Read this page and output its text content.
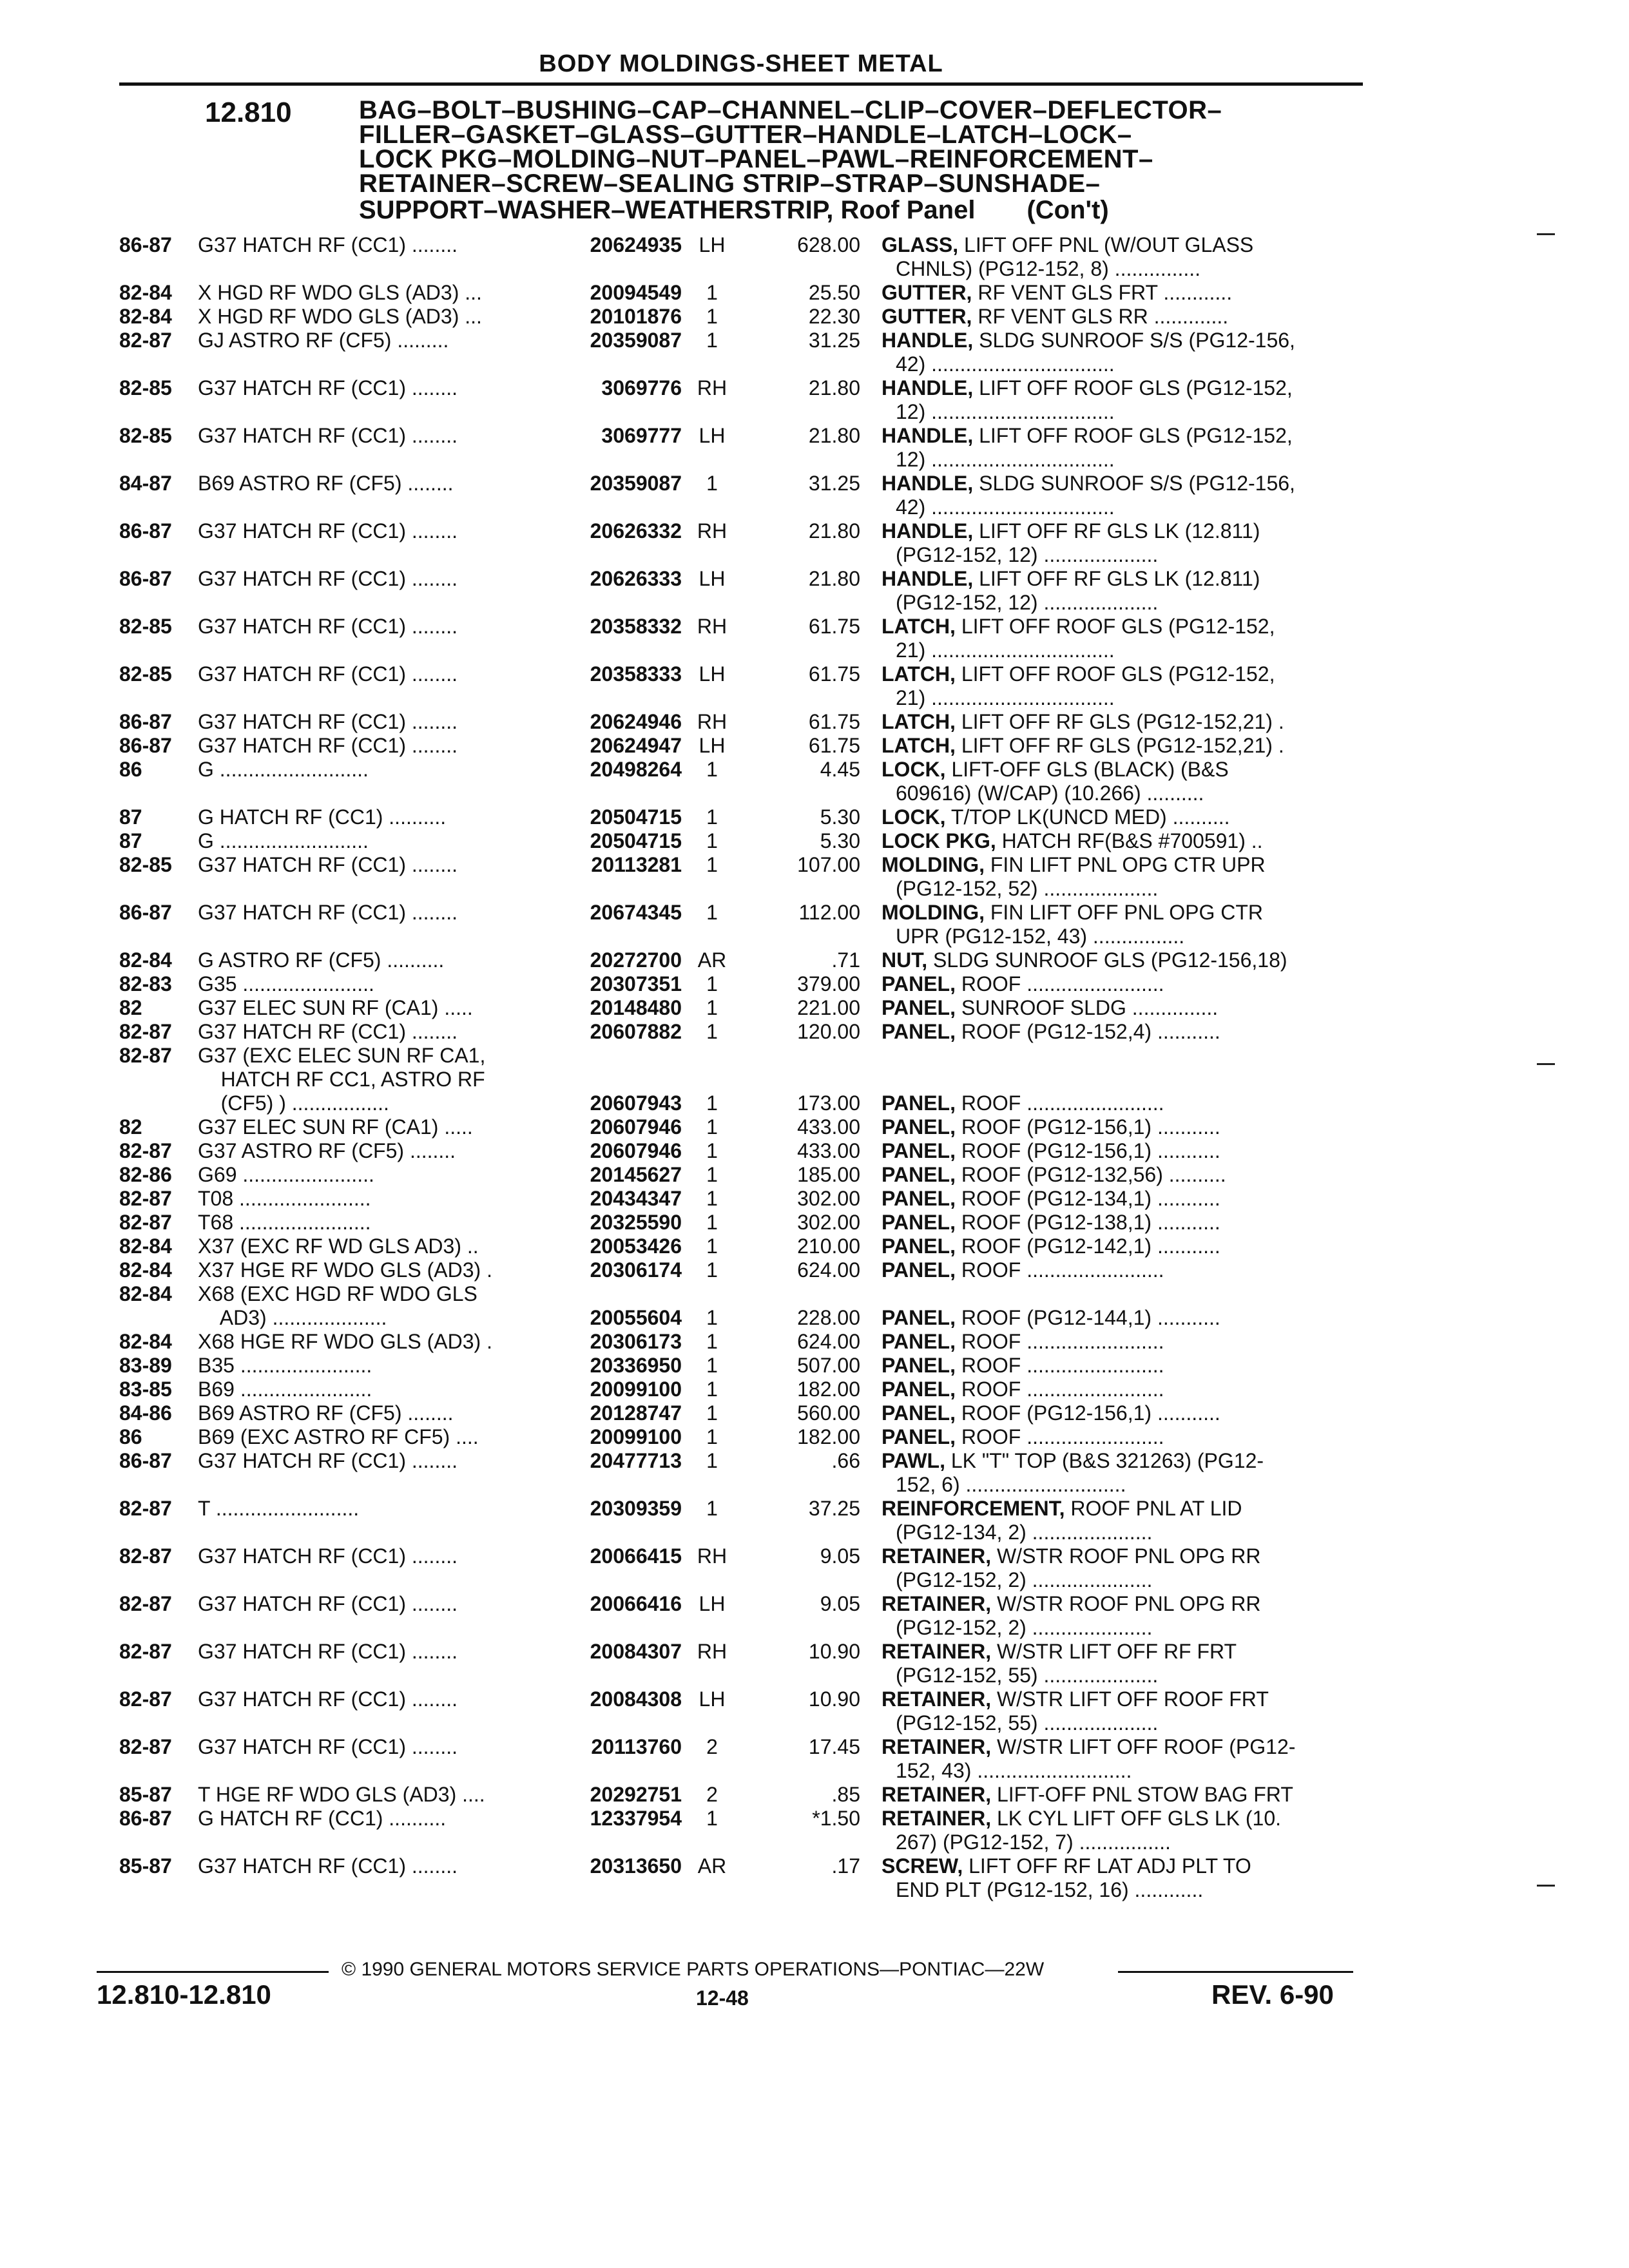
BODY MOLDINGS-SHEET METAL
12.810	BAG–BOLT–BUSHING–CAP–CHANNEL–CLIP–COVER–DEFLECTOR–
FILLER–GASKET–GLASS–GUTTER–HANDLE–LATCH–LOCK–
LOCK PKG–MOLDING–NUT–PANEL–PAWL–REINFORCEMENT–
RETAINER–SCREW–SEALING STRIP–STRAP–SUNSHADE–
SUPPORT–WASHER–WEATHERSTRIP, Roof Panel (Con't)
86-87	G37 HATCH RF (CC1) ........	20624935 LH	628.00 GLASS, LIFT OFF PNL (W/OUT GLASS
CHNLS) (PG12-152, 8) ...............
82-84	X HGD RF WDO GLS (AD3) ...	20094549	1	25.50 GUTTER, RF VENT GLS FRT ............
82-84	X HGD RF WDO GLS (AD3) ...	20101876	1	22.30 GUTTER, RF VENT GLS RR .............
82-87	GJ ASTRO RF (CF5) .........	20359087	1	31.25 HANDLE, SLDG SUNROOF S/S (PG12-156,
42) ................................
82-85	G37 HATCH RF (CC1) ........	3069776 RH	21.80 HANDLE, LIFT OFF ROOF GLS (PG12-152,
12) ................................
82-85	G37 HATCH RF (CC1) ........	3069777 LH	21.80 HANDLE, LIFT OFF ROOF GLS (PG12-152,
12) ................................
84-87	B69 ASTRO RF (CF5) ........	20359087	1	31.25 HANDLE, SLDG SUNROOF S/S (PG12-156,
42) ................................
86-87	G37 HATCH RF (CC1) ........	20626332 RH	21.80 HANDLE, LIFT OFF RF GLS LK (12.811)
(PG12-152, 12) ....................
86-87	G37 HATCH RF (CC1) ........	20626333 LH	21.80 HANDLE, LIFT OFF RF GLS LK (12.811)
(PG12-152, 12) ....................
82-85	G37 HATCH RF (CC1) ........	20358332 RH	61.75 LATCH, LIFT OFF ROOF GLS (PG12-152,
21) ................................
82-85	G37 HATCH RF (CC1) ........	20358333 LH	61.75 LATCH, LIFT OFF ROOF GLS (PG12-152,
21) ................................
86-87	G37 HATCH RF (CC1) ........	20624946 RH	61.75 LATCH, LIFT OFF RF GLS (PG12-152,21) .
86-87	G37 HATCH RF (CC1) ........	20624947 LH	61.75 LATCH, LIFT OFF RF GLS (PG12-152,21) .
86	G ..........................	20498264	1	4.45 LOCK, LIFT-OFF GLS (BLACK) (B&S
609616) (W/CAP) (10.266) ..........
87	G HATCH RF (CC1) ..........	20504715	1	5.30 LOCK, T/TOP LK(UNCD MED) ..........
87	G ..........................	20504715	1	5.30 LOCK PKG, HATCH RF(B&S #700591) ..
82-85	G37 HATCH RF (CC1) ........	20113281	1	107.00 MOLDING, FIN LIFT PNL OPG CTR UPR
(PG12-152, 52) ....................
86-87	G37 HATCH RF (CC1) ........	20674345	1	112.00 MOLDING, FIN LIFT OFF PNL OPG CTR
UPR (PG12-152, 43) ................
82-84	G ASTRO RF (CF5) ..........	20272700 AR	.71 NUT, SLDG SUNROOF GLS (PG12-156,18)
82-83	G35 .......................	20307351	1	379.00 PANEL, ROOF ........................
82	G37 ELEC SUN RF (CA1) .....	20148480	1	221.00 PANEL, SUNROOF SLDG ...............
82-87	G37 HATCH RF (CC1) ........	20607882	1	120.00 PANEL, ROOF (PG12-152,4) ...........
82-87	G37 (EXC ELEC SUN RF CA1,
HATCH RF CC1, ASTRO RF
(CF5) ) .................	20607943	1	173.00 PANEL, ROOF ........................
82	G37 ELEC SUN RF (CA1) .....	20607946	1	433.00 PANEL, ROOF (PG12-156,1) ...........
82-87	G37 ASTRO RF (CF5) ........	20607946	1	433.00 PANEL, ROOF (PG12-156,1) ...........
82-86	G69 .......................	20145627	1	185.00 PANEL, ROOF (PG12-132,56) ..........
82-87	T08 .......................	20434347	1	302.00 PANEL, ROOF (PG12-134,1) ...........
82-87	T68 .......................	20325590	1	302.00 PANEL, ROOF (PG12-138,1) ...........
82-84	X37 (EXC RF WD GLS AD3) ..	20053426	1	210.00 PANEL, ROOF (PG12-142,1) ...........
82-84	X37 HGE RF WDO GLS (AD3) .	20306174	1	624.00 PANEL, ROOF ........................
82-84	X68 (EXC HGD RF WDO GLS
AD3) ....................	20055604	1	228.00 PANEL, ROOF (PG12-144,1) ...........
82-84	X68 HGE RF WDO GLS (AD3) .	20306173	1	624.00 PANEL, ROOF ........................
83-89	B35 .......................	20336950	1	507.00 PANEL, ROOF ........................
83-85	B69 .......................	20099100	1	182.00 PANEL, ROOF ........................
84-86	B69 ASTRO RF (CF5) ........	20128747	1	560.00 PANEL, ROOF (PG12-156,1) ...........
86	B69 (EXC ASTRO RF CF5) ....	20099100	1	182.00 PANEL, ROOF ........................
86-87	G37 HATCH RF (CC1) ........	20477713	1	.66 PAWL, LK "T" TOP (B&S 321263) (PG12-
152, 6) ............................
82-87	T .........................	20309359	1	37.25 REINFORCEMENT, ROOF PNL AT LID
(PG12-134, 2) .....................
82-87	G37 HATCH RF (CC1) ........	20066415 RH	9.05 RETAINER, W/STR ROOF PNL OPG RR
(PG12-152, 2) .....................
82-87	G37 HATCH RF (CC1) ........	20066416 LH	9.05 RETAINER, W/STR ROOF PNL OPG RR
(PG12-152, 2) .....................
82-87	G37 HATCH RF (CC1) ........	20084307 RH	10.90 RETAINER, W/STR LIFT OFF RF FRT
(PG12-152, 55) ....................
82-87	G37 HATCH RF (CC1) ........	20084308 LH	10.90 RETAINER, W/STR LIFT OFF ROOF FRT
(PG12-152, 55) ....................
82-87	G37 HATCH RF (CC1) ........	20113760	2	17.45 RETAINER, W/STR LIFT OFF ROOF (PG12-
152, 43) ...........................
85-87	T HGE RF WDO GLS (AD3) ....	20292751	2	.85 RETAINER, LIFT-OFF PNL STOW BAG FRT
86-87	G HATCH RF (CC1) ..........	12337954	1	*1.50 RETAINER, LK CYL LIFT OFF GLS LK (10.
267) (PG12-152, 7) ................
85-87	G37 HATCH RF (CC1) ........	20313650 AR	.17 SCREW, LIFT OFF RF LAT ADJ PLT TO
END PLT (PG12-152, 16) ............
© 1990 GENERAL MOTORS SERVICE PARTS OPERATIONS—PONTIAC—22W
12.810-12.810	12-48	REV. 6-90
